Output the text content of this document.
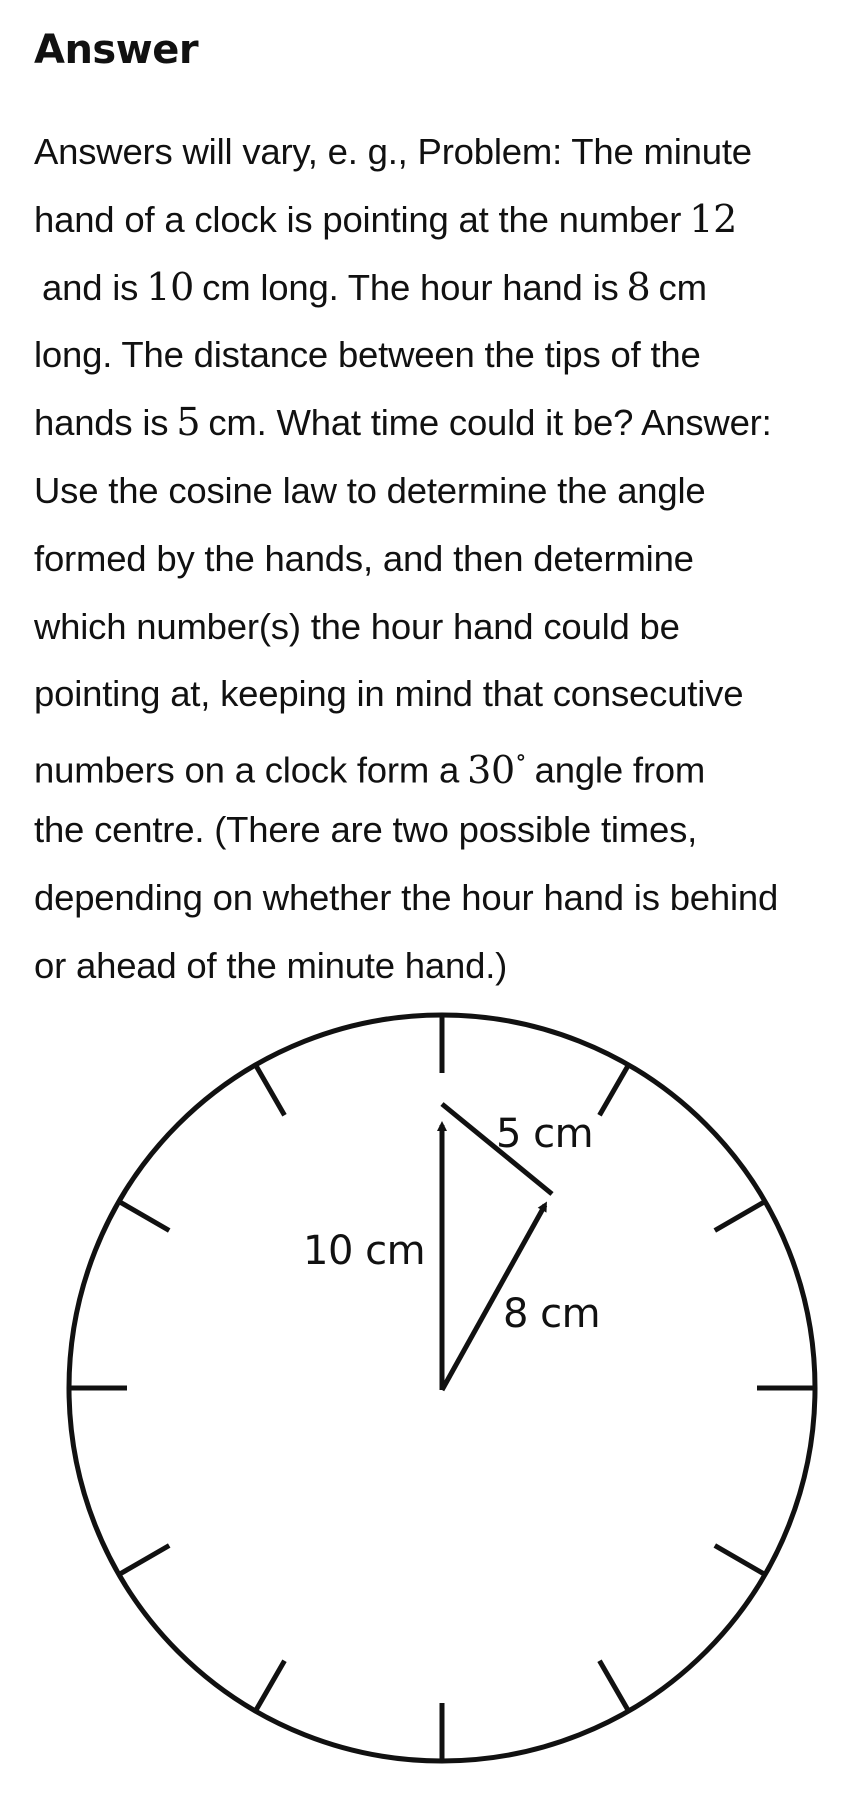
Answer
Answers will vary, e. g., Problem: The minute
hand of a clock is pointing at the number 12
and is 10 cm long. The hour hand is 8 cm
long. The distance between the tips of the
hands is 5 cm. What time could it be? Answer:
Use the cosine law to determine the angle
formed by the hands, and then determine
which number(s) the hour hand could be
pointing at, keeping in mind that consecutive
numbers on a clock form a 30∘ angle from
the centre. (There are two possible times,
depending on whether the hour hand is behind
or ahead of the minute hand.)
5 cm
10 cm
8 cm
